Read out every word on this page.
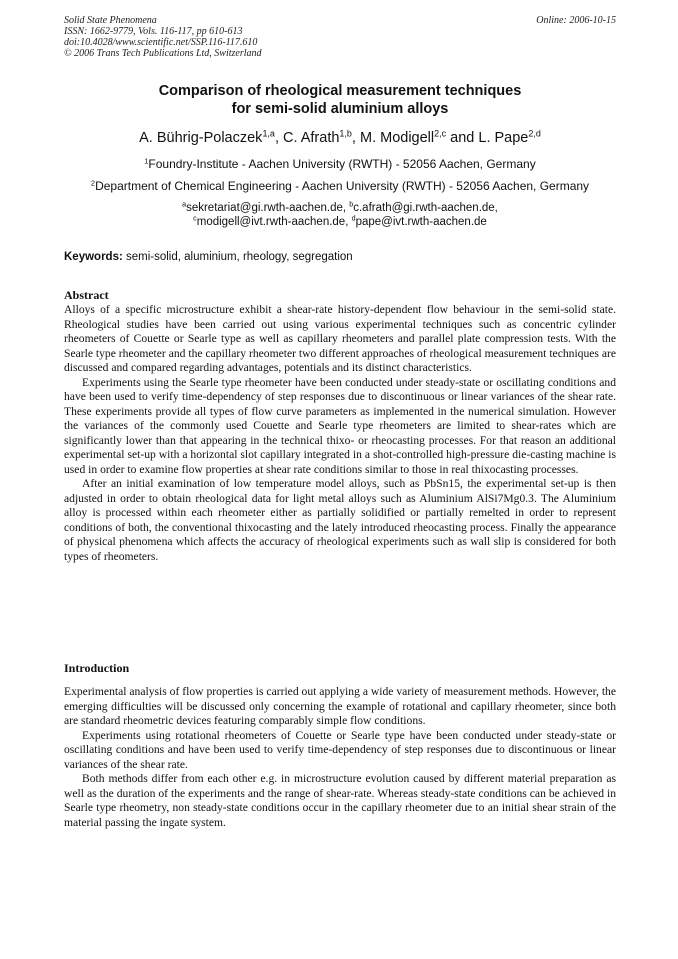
Solid State Phenomena
ISSN: 1662-9779, Vols. 116-117, pp 610-613
doi:10.4028/www.scientific.net/SSP.116-117.610
© 2006 Trans Tech Publications Ltd, Switzerland
Online: 2006-10-15
Comparison of rheological measurement techniques
for semi-solid aluminium alloys
A. Bührig-Polaczek$^{1,a}$, C. Afrath$^{1,b}$, M. Modigell$^{2,c}$ and L. Pape$^{2,d}$
$^1$Foundry-Institute - Aachen University (RWTH) - 52056 Aachen, Germany
$^2$Department of Chemical Engineering - Aachen University (RWTH) - 52056 Aachen, Germany
$^a$sekretariat@gi.rwth-aachen.de, $^b$c.afrath@gi.rwth-aachen.de,
$^c$modigell@ivt.rwth-aachen.de, $^d$pape@ivt.rwth-aachen.de
Keywords: semi-solid, aluminium, rheology, segregation
Abstract

Alloys of a specific microstructure exhibit a shear-rate history-dependent flow behaviour in the semi-solid state. Rheological studies have been carried out using various experimental techniques such as concentric cylinder rheometers of Couette or Searle type as well as capillary rheometers and parallel plate compression tests. With the Searle type rheometer and the capillary rheometer two different approaches of rheological measurement techniques are discussed and compared regarding advantages, potentials and its distinct characteristics.

Experiments using the Searle type rheometer have been conducted under steady-state or oscillating conditions and have been used to verify time-dependency of step responses due to discontinuous or linear variances of the shear rate. These experiments provide all types of flow curve parameters as implemented in the numerical simulation. However the variances of the commonly used Couette and Searle type rheometers are limited to shear-rates which are significantly lower than that appearing in the technical thixo- or rheocasting processes. For that reason an additional experimental set-up with a horizontal slot capillary integrated in a shot-controlled high-pressure die-casting machine is used in order to examine flow properties at shear rate conditions similar to those in real thixocasting processes.

After an initial examination of low temperature model alloys, such as PbSn15, the experimental set-up is then adjusted in order to obtain rheological data for light metal alloys such as Aluminium AlSi7Mg0.3. The Aluminium alloy is processed within each rheometer either as partially solidified or partially remelted in order to represent conditions of both, the conventional thixocasting and the lately introduced rheocasting process. Finally the appearance of physical phenomena which affects the accuracy of rheological experiments such as wall slip is considered for both types of rheometers.

Introduction

Experimental analysis of flow properties is carried out applying a wide variety of measurement methods. However, the emerging difficulties will be discussed only concerning the example of rotational and capillary rheometer, since both are standard rheometric devices featuring comparably simple flow conditions.

Experiments using rotational rheometers of Couette or Searle type have been conducted under steady-state or oscillating conditions and have been used to verify time-dependency of step responses due to discontinuous or linear variances of the shear rate.

Both methods differ from each other e.g. in microstructure evolution caused by different material preparation as well as the duration of the experiments and the range of shear-rate. Whereas steady-state conditions can be achieved in Searle type rheometry, non steady-state conditions occur in the capillary rheometer due to an initial shear strain of the material passing the ingate system.
